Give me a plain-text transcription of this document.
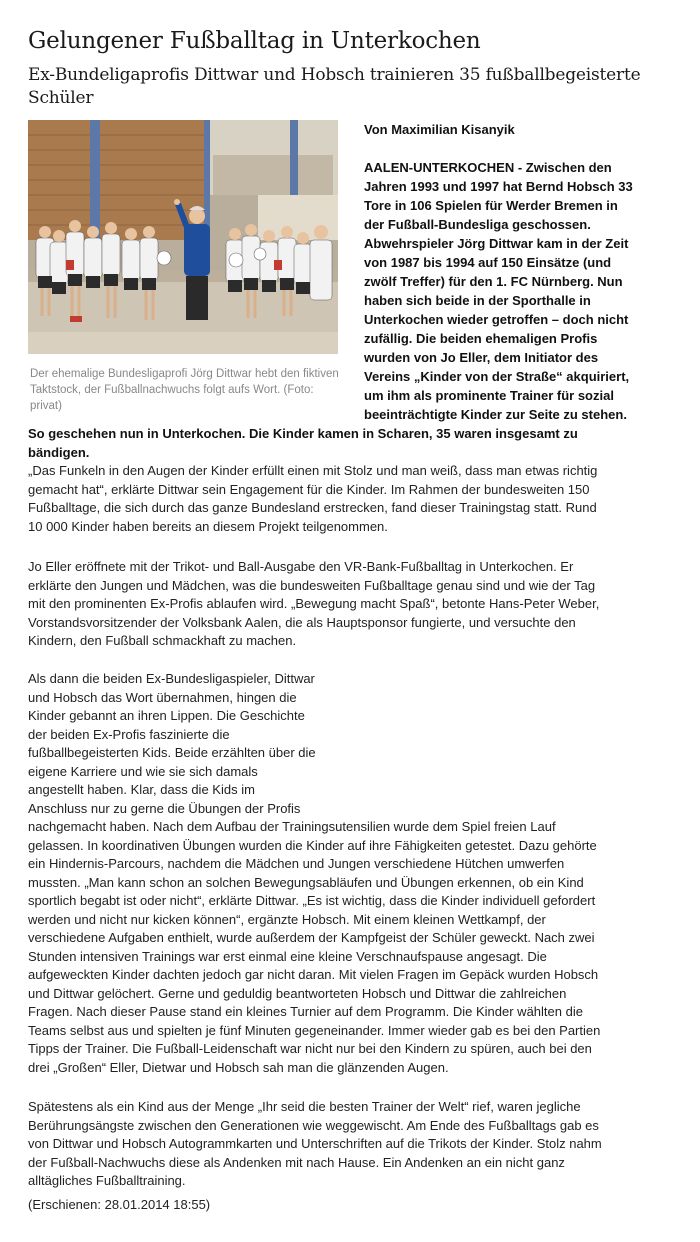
Gelungener Fußballtag in Unterkochen
Ex-Bundeligaprofis Dittwar und Hobsch trainieren 35 fußballbegeisterte Schüler

Der ehemalige Bundesligaprofi Jörg Dittwar hebt den fiktiven Taktstock, der Fußballnachwuchs folgt aufs Wort. (Foto: privat)

Von Maximilian Kisanyik

AALEN-UNTERKOCHEN - Zwischen den
Jahren 1993 und 1997 hat Bernd Hobsch 33
Tore in 106 Spielen für Werder Bremen in
der Fußball-Bundesliga geschossen.
Abwehrspieler Jörg Dittwar kam in der Zeit
von 1987 bis 1994 auf 150 Einsätze (und
zwölf Treffer) für den 1. FC Nürnberg. Nun
haben sich beide in der Sporthalle in
Unterkochen wieder getroffen – doch nicht
zufällig. Die beiden ehemaligen Profis
wurden von Jo Eller, dem Initiator des
Vereins „Kinder von der Straße“ akquiriert,
um ihm als prominente Trainer für sozial
beeinträchtigte Kinder zur Seite zu stehen.

So geschehen nun in Unterkochen. Die Kinder kamen in Scharen, 35 waren insgesamt zu
bändigen.

„Das Funkeln in den Augen der Kinder erfüllt einen mit Stolz und man weiß, dass man etwas richtig
gemacht hat“, erklärte Dittwar sein Engagement für die Kinder. Im Rahmen der bundesweiten 150
Fußballtage, die sich durch das ganze Bundesland erstrecken, fand dieser Trainingstag statt. Rund
10 000 Kinder haben bereits an diesem Projekt teilgenommen.

Jo Eller eröffnete mit der Trikot- und Ball-Ausgabe den VR-Bank-Fußballtag in Unterkochen. Er
erklärte den Jungen und Mädchen, was die bundesweiten Fußballtage genau sind und wie der Tag
mit den prominenten Ex-Profis ablaufen wird. „Bewegung macht Spaß“, betonte Hans-Peter Weber,
Vorstandsvorsitzender der Volksbank Aalen, die als Hauptsponsor fungierte, und versuchte den
Kindern, den Fußball schmackhaft zu machen.

Als dann die beiden Ex-Bundesligaspieler, Dittwar
und Hobsch das Wort übernahmen, hingen die
Kinder gebannt an ihren Lippen. Die Geschichte
der beiden Ex-Profis faszinierte die
fußballbegeisterten Kids. Beide erzählten über die
eigene Karriere und wie sie sich damals
angestellt haben. Klar, dass die Kids im
Anschluss nur zu gerne die Übungen der Profis

nachgemacht haben. Nach dem Aufbau der Trainingsutensilien wurde dem Spiel freien Lauf
gelassen. In koordinativen Übungen wurden die Kinder auf ihre Fähigkeiten getestet. Dazu gehörte
ein Hindernis-Parcours, nachdem die Mädchen und Jungen verschiedene Hütchen umwerfen
mussten. „Man kann schon an solchen Bewegungsabläufen und Übungen erkennen, ob ein Kind
sportlich begabt ist oder nicht“, erklärte Dittwar. „Es ist wichtig, dass die Kinder individuell gefordert
werden und nicht nur kicken können“, ergänzte Hobsch. Mit einem kleinen Wettkampf, der
verschiedene Aufgaben enthielt, wurde außerdem der Kampfgeist der Schüler geweckt. Nach zwei
Stunden intensiven Trainings war erst einmal eine kleine Verschnaufspause angesagt. Die
aufgeweckten Kinder dachten jedoch gar nicht daran. Mit vielen Fragen im Gepäck wurden Hobsch
und Dittwar gelöchert. Gerne und geduldig beantworteten Hobsch und Dittwar die zahlreichen
Fragen. Nach dieser Pause stand ein kleines Turnier auf dem Programm. Die Kinder wählten die
Teams selbst aus und spielten je fünf Minuten gegeneinander. Immer wieder gab es bei den Partien
Tipps der Trainer. Die Fußball-Leidenschaft war nicht nur bei den Kindern zu spüren, auch bei den
drei „Großen“ Eller, Dietwar und Hobsch sah man die glänzenden Augen.

Spätestens als ein Kind aus der Menge „Ihr seid die besten Trainer der Welt“ rief, waren jegliche
Berührungsängste zwischen den Generationen wie weggewischt. Am Ende des Fußballtags gab es
von Dittwar und Hobsch Autogrammkarten und Unterschriften auf die Trikots der Kinder. Stolz nahm
der Fußball-Nachwuchs diese als Andenken mit nach Hause. Ein Andenken an ein nicht ganz
alltägliches Fußballtraining.

(Erschienen: 28.01.2014 18:55)
